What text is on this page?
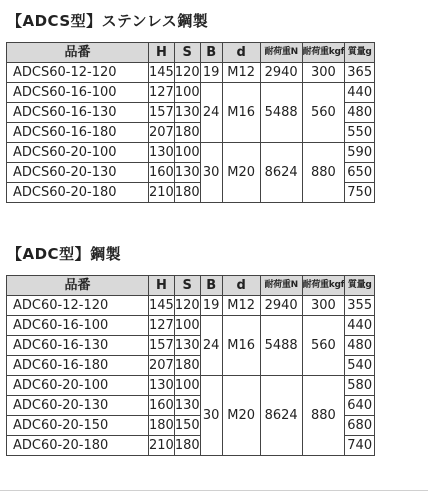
【ADCS型】ステンレス鋼製
品番	H	S	B	d	耐荷重N	耐荷重kgf	質量g
ADCS60-12-120	145	120	19	M12	2940	300	365
ADCS60-16-100	127	100	24	M16	5488	560	440
ADCS60-16-130	157	130					480
ADCS60-16-180	207	180					550
ADCS60-20-100	130	100	30	M20	8624	880	590
ADCS60-20-130	160	130					650
ADCS60-20-180	210	180					750
【ADC型】鋼製
品番	H	S	B	d	耐荷重N	耐荷重kgf	質量g
ADC60-12-120	145	120	19	M12	2940	300	355
ADC60-16-100	127	100	24	M16	5488	560	440
ADC60-16-130	157	130					480
ADC60-16-180	207	180					540
ADC60-20-100	130	100	30	M20	8624	880	580
ADC60-20-130	160	130					640
ADC60-20-150	180	150					680
ADC60-20-180	210	180					740
